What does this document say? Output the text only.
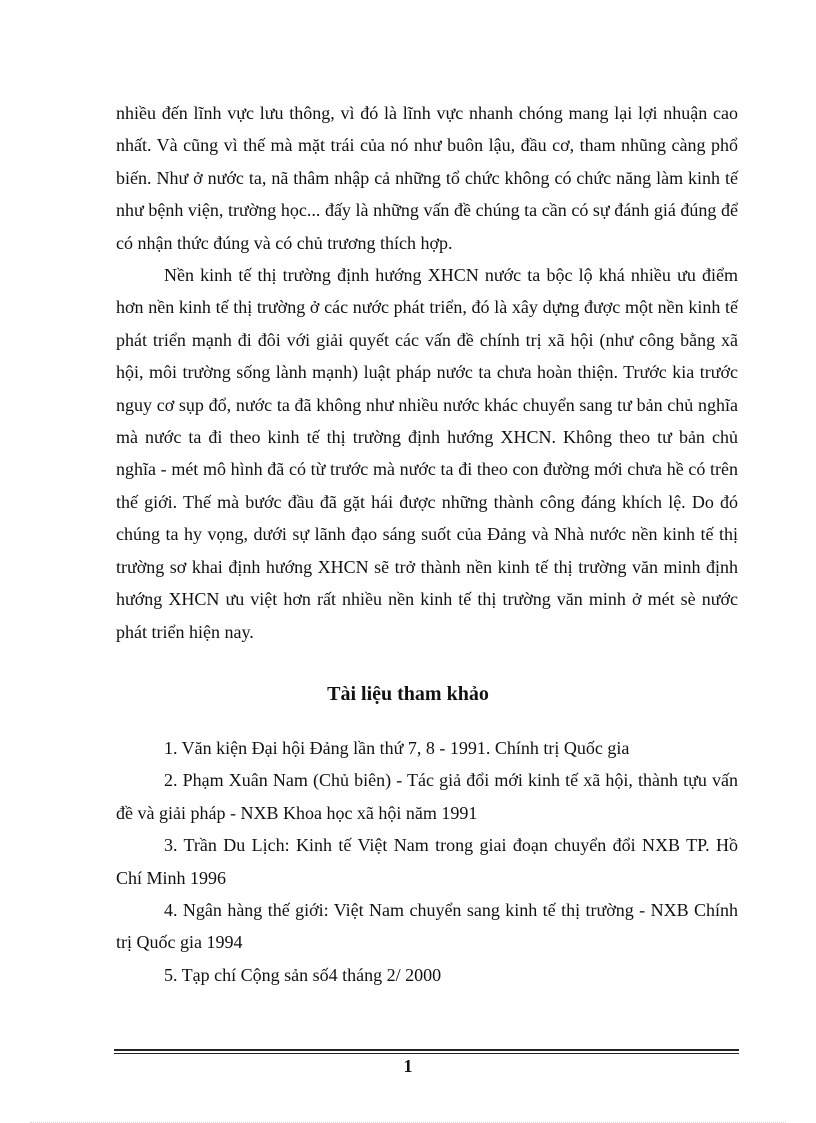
nhiều đến lĩnh vực lưu thông, vì đó là lĩnh vực nhanh chóng mang lại lợi nhuận cao nhất. Và cũng vì thế mà mặt trái của nó như buôn lậu, đầu cơ, tham nhũng càng phổ biến. Như ở nước ta, nã thâm nhập cả những tổ chức không có chức năng làm kinh tế như bệnh viện, trường học... đấy là những vấn đề chúng ta cần có sự đánh giá đúng để có nhận thức đúng và có chủ trương thích hợp.

Nền kinh tế thị trường định hướng XHCN nước ta bộc lộ khá nhiều ưu điểm hơn nền kinh tế thị trường ở các nước phát triển, đó là xây dựng được một nền kinh tế phát triển mạnh đi đôi với giải quyết các vấn đề chính trị xã hội (như công bằng xã hội, môi trường sống lành mạnh) luật pháp nước ta chưa hoàn thiện. Trước kia trước nguy cơ sụp đổ, nước ta đã không như nhiều nước khác chuyển sang tư bản chủ nghĩa mà nước ta đi theo kinh tế thị trường định hướng XHCN. Không theo tư bản chủ nghĩa - mét mô hình đã có từ trước mà nước ta đi theo con đường mới chưa hề có trên thế giới. Thế mà bước đầu đã gặt hái được những thành công đáng khích lệ. Do đó chúng ta hy vọng, dưới sự lãnh đạo sáng suốt của Đảng và Nhà nước nền kinh tế thị trường sơ khai định hướng XHCN sẽ trở thành nền kinh tế thị trường văn minh định hướng XHCN ưu việt hơn rất nhiều nền kinh tế thị trường văn minh ở mét sè nước phát triển hiện nay.

Tài liệu tham khảo

1. Văn kiện Đại hội Đảng lần thứ 7, 8 - 1991. Chính trị Quốc gia

2. Phạm Xuân Nam (Chủ biên) - Tác giả đổi mới kinh tế xã hội, thành tựu vấn đề và giải pháp - NXB Khoa học xã hội năm 1991

3. Trần Du Lịch: Kinh tế Việt Nam trong giai đoạn chuyển đổi NXB TP. Hồ Chí Minh 1996

4. Ngân hàng thế giới: Việt Nam chuyển sang kinh tế thị trường - NXB Chính trị Quốc gia 1994

5. Tạp chí Cộng sản số4 tháng 2/ 2000

1
